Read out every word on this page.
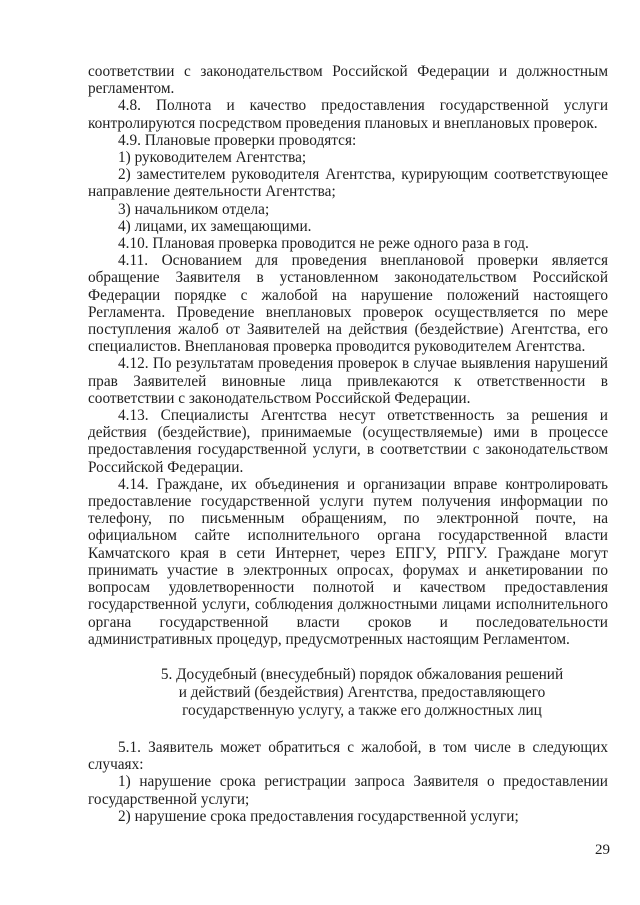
соответствии с законодательством Российской Федерации и должностным регламентом.

4.8. Полнота и качество предоставления государственной услуги контролируются посредством проведения плановых и внеплановых проверок.

4.9. Плановые проверки проводятся:

1) руководителем Агентства;

2) заместителем руководителя Агентства, курирующим соответствующее направление деятельности Агентства;

3) начальником отдела;

4) лицами, их замещающими.

4.10. Плановая проверка проводится не реже одного раза в год.

4.11. Основанием для проведения внеплановой проверки является обращение Заявителя в установленном законодательством Российской Федерации порядке с жалобой на нарушение положений настоящего Регламента. Проведение внеплановых проверок осуществляется по мере поступления жалоб от Заявителей на действия (бездействие) Агентства, его специалистов. Внеплановая проверка проводится руководителем Агентства.

4.12. По результатам проведения проверок в случае выявления нарушений прав Заявителей виновные лица привлекаются к ответственности в соответствии с законодательством Российской Федерации.

4.13. Специалисты Агентства несут ответственность за решения и действия (бездействие), принимаемые (осуществляемые) ими в процессе предоставления государственной услуги, в соответствии с законодательством Российской Федерации.

4.14. Граждане, их объединения и организации вправе контролировать предоставление государственной услуги путем получения информации по телефону, по письменным обращениям, по электронной почте, на официальном сайте исполнительного органа государственной власти Камчатского края в сети Интернет, через ЕПГУ, РПГУ. Граждане могут принимать участие в электронных опросах, форумах и анкетировании по вопросам удовлетворенности полнотой и качеством предоставления государственной услуги, соблюдения должностными лицами исполнительного органа государственной власти сроков и последовательности административных процедур, предусмотренных настоящим Регламентом.

5. Досудебный (внесудебный) порядок обжалования решений
и действий (бездействия) Агентства, предоставляющего
государственную услугу, а также его должностных лиц

5.1. Заявитель может обратиться с жалобой, в том числе в следующих случаях:

1) нарушение срока регистрации запроса Заявителя о предоставлении государственной услуги;

2) нарушение срока предоставления государственной услуги;

29
